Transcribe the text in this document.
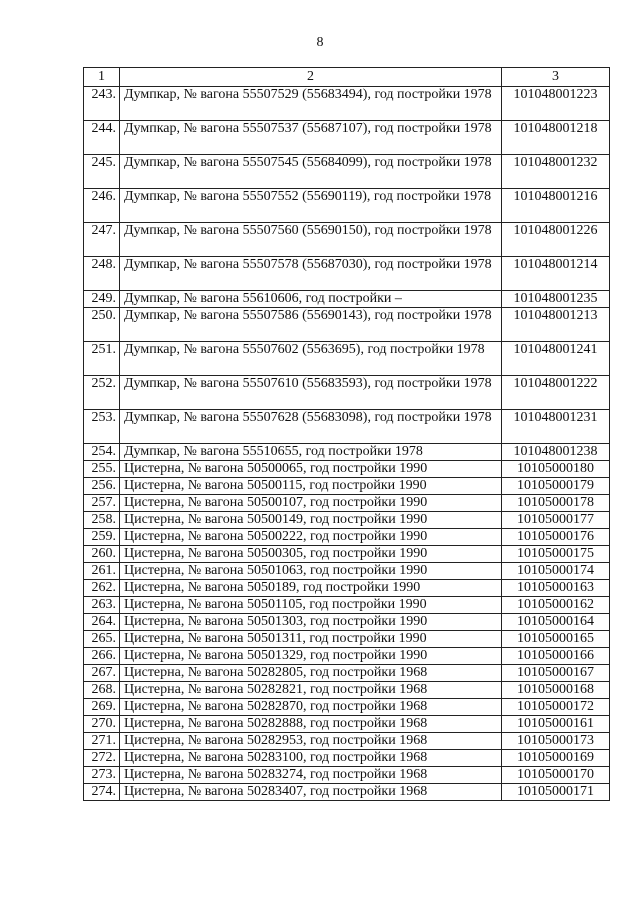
8
1	2	3
243.	Думпкар, № вагона 55507529 (55683494), год постройки 1978	101048001223
244.	Думпкар, № вагона 55507537 (55687107), год постройки 1978	101048001218
245.	Думпкар, № вагона 55507545 (55684099), год постройки 1978	101048001232
246.	Думпкар, № вагона 55507552 (55690119), год постройки 1978	101048001216
247.	Думпкар, № вагона 55507560 (55690150), год постройки 1978	101048001226
248.	Думпкар, № вагона 55507578 (55687030), год постройки 1978	101048001214
249.	Думпкар, № вагона 55610606, год постройки –	101048001235
250.	Думпкар, № вагона 55507586 (55690143), год постройки 1978	101048001213
251.	Думпкар, № вагона 55507602 (5563695), год постройки 1978	101048001241
252.	Думпкар, № вагона 55507610 (55683593), год постройки 1978	101048001222
253.	Думпкар, № вагона 55507628 (55683098), год постройки 1978	101048001231
254.	Думпкар, № вагона 55510655, год постройки 1978	101048001238
255.	Цистерна, № вагона 50500065, год постройки 1990	10105000180
256.	Цистерна, № вагона 50500115, год постройки 1990	10105000179
257.	Цистерна, № вагона 50500107, год постройки 1990	10105000178
258.	Цистерна, № вагона 50500149, год постройки 1990	10105000177
259.	Цистерна, № вагона 50500222, год постройки 1990	10105000176
260.	Цистерна, № вагона 50500305, год постройки 1990	10105000175
261.	Цистерна, № вагона 50501063, год постройки 1990	10105000174
262.	Цистерна, № вагона 5050189, год постройки 1990	10105000163
263.	Цистерна, № вагона 50501105, год постройки 1990	10105000162
264.	Цистерна, № вагона 50501303, год постройки 1990	10105000164
265.	Цистерна, № вагона 50501311, год постройки 1990	10105000165
266.	Цистерна, № вагона 50501329, год постройки 1990	10105000166
267.	Цистерна, № вагона 50282805, год постройки 1968	10105000167
268.	Цистерна, № вагона 50282821, год постройки 1968	10105000168
269.	Цистерна, № вагона 50282870, год постройки 1968	10105000172
270.	Цистерна, № вагона 50282888, год постройки 1968	10105000161
271.	Цистерна, № вагона 50282953, год постройки 1968	10105000173
272.	Цистерна, № вагона 50283100, год постройки 1968	10105000169
273.	Цистерна, № вагона 50283274, год постройки 1968	10105000170
274.	Цистерна, № вагона 50283407, год постройки 1968	10105000171
